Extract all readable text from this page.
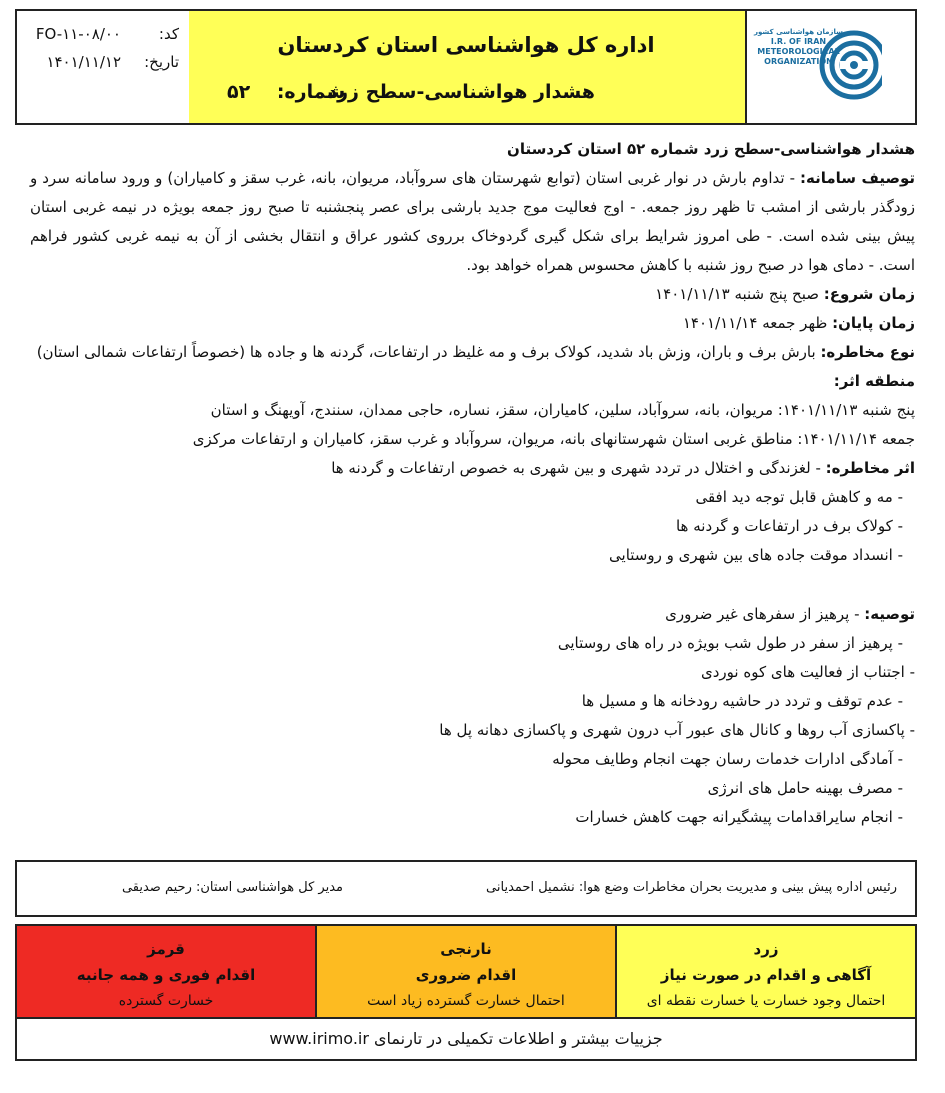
سازمان هواشناسی کشور
I.R. OF IRAN
METEOROLOGICAL
ORGANIZATION
اداره کل هواشناسی استان کردستان
هشدار هواشناسی-سطح زرد
شماره: ۵۲
کد:FO-۱۱-۰۸/۰۰
تاریخ:۱۴۰۱/۱۱/۱۲

هشدار هواشناسی-سطح زرد شماره ۵۲ استان کردستان

توصیف سامانه: - تداوم بارش در نوار غربی استان (توابع شهرستان های سروآباد، مریوان، بانه، غرب سقز و کامیاران) و ورود سامانه سرد و زودگذر بارشی از امشب تا ظهر روز جمعه. - اوج فعالیت موج جدید بارشی برای عصر پنجشنبه تا صبح روز جمعه بویژه در نیمه غربی استان پیش بینی شده است. - طی امروز شرایط برای شکل گیری گردوخاک برروی کشور عراق و انتقال بخشی از آن به نیمه غربی کشور فراهم است. - دمای هوا در صبح روز شنبه با کاهش محسوس همراه خواهد بود.

زمان شروع: صبح پنج شنبه ۱۴۰۱/۱۱/۱۳

زمان پایان: ظهر جمعه ۱۴۰۱/۱۱/۱۴

نوع مخاطره: بارش برف و باران، وزش باد شدید، کولاک برف و مه غلیظ در ارتفاعات، گردنه ها و جاده ها (خصوصاً ارتفاعات شمالی استان)

منطقه اثر:

پنج شنبه ۱۴۰۱/۱۱/۱۳: مریوان، بانه، سروآباد، سلین، کامیاران، سقز، نساره، حاجی ممدان، سنندج، آویهنگ و استان

جمعه ۱۴۰۱/۱۱/۱۴: مناطق غربی استان شهرستانهای بانه، مریوان، سروآباد و غرب سقز، کامیاران و ارتفاعات مرکزی

اثر مخاطره: - لغزندگی و اختلال در تردد شهری و بین شهری به خصوص ارتفاعات و گردنه ها

- مه و کاهش قابل توجه دید افقی

- کولاک برف در ارتفاعات و گردنه ها

- انسداد موقت جاده های بین شهری و روستایی

توصیه: - پرهیز از سفرهای غیر ضروری

- پرهیز از سفر در طول شب بویژه در راه های روستایی

- اجتناب از فعالیت های کوه نوردی

- عدم توقف و تردد در حاشیه رودخانه ها و مسیل ها

- پاکسازی آب روها و کانال های عبور آب درون شهری و پاکسازی دهانه پل ها

- آمادگی ادارات خدمات رسان جهت انجام وطایف محوله

- مصرف بهینه حامل های انرژی

- انجام سایراقدامات پیشگیرانه جهت کاهش خسارات

رئیس اداره پیش بینی و مدیریت بحران مخاطرات وضع هوا: نشمیل احمدیانی
مدیر کل هواشناسی استان: رحیم صدیقی
زرد
آگاهی و اقدام در صورت نیاز
احتمال وجود خسارت یا خسارت نقطه ای
نارنجی
اقدام ضروری
احتمال خسارت گسترده زیاد است
قرمز
اقدام فوری و همه جانبه
خسارت گسترده
جزییات بیشتر و اطلاعات تکمیلی در تارنمای www.irimo.ir
